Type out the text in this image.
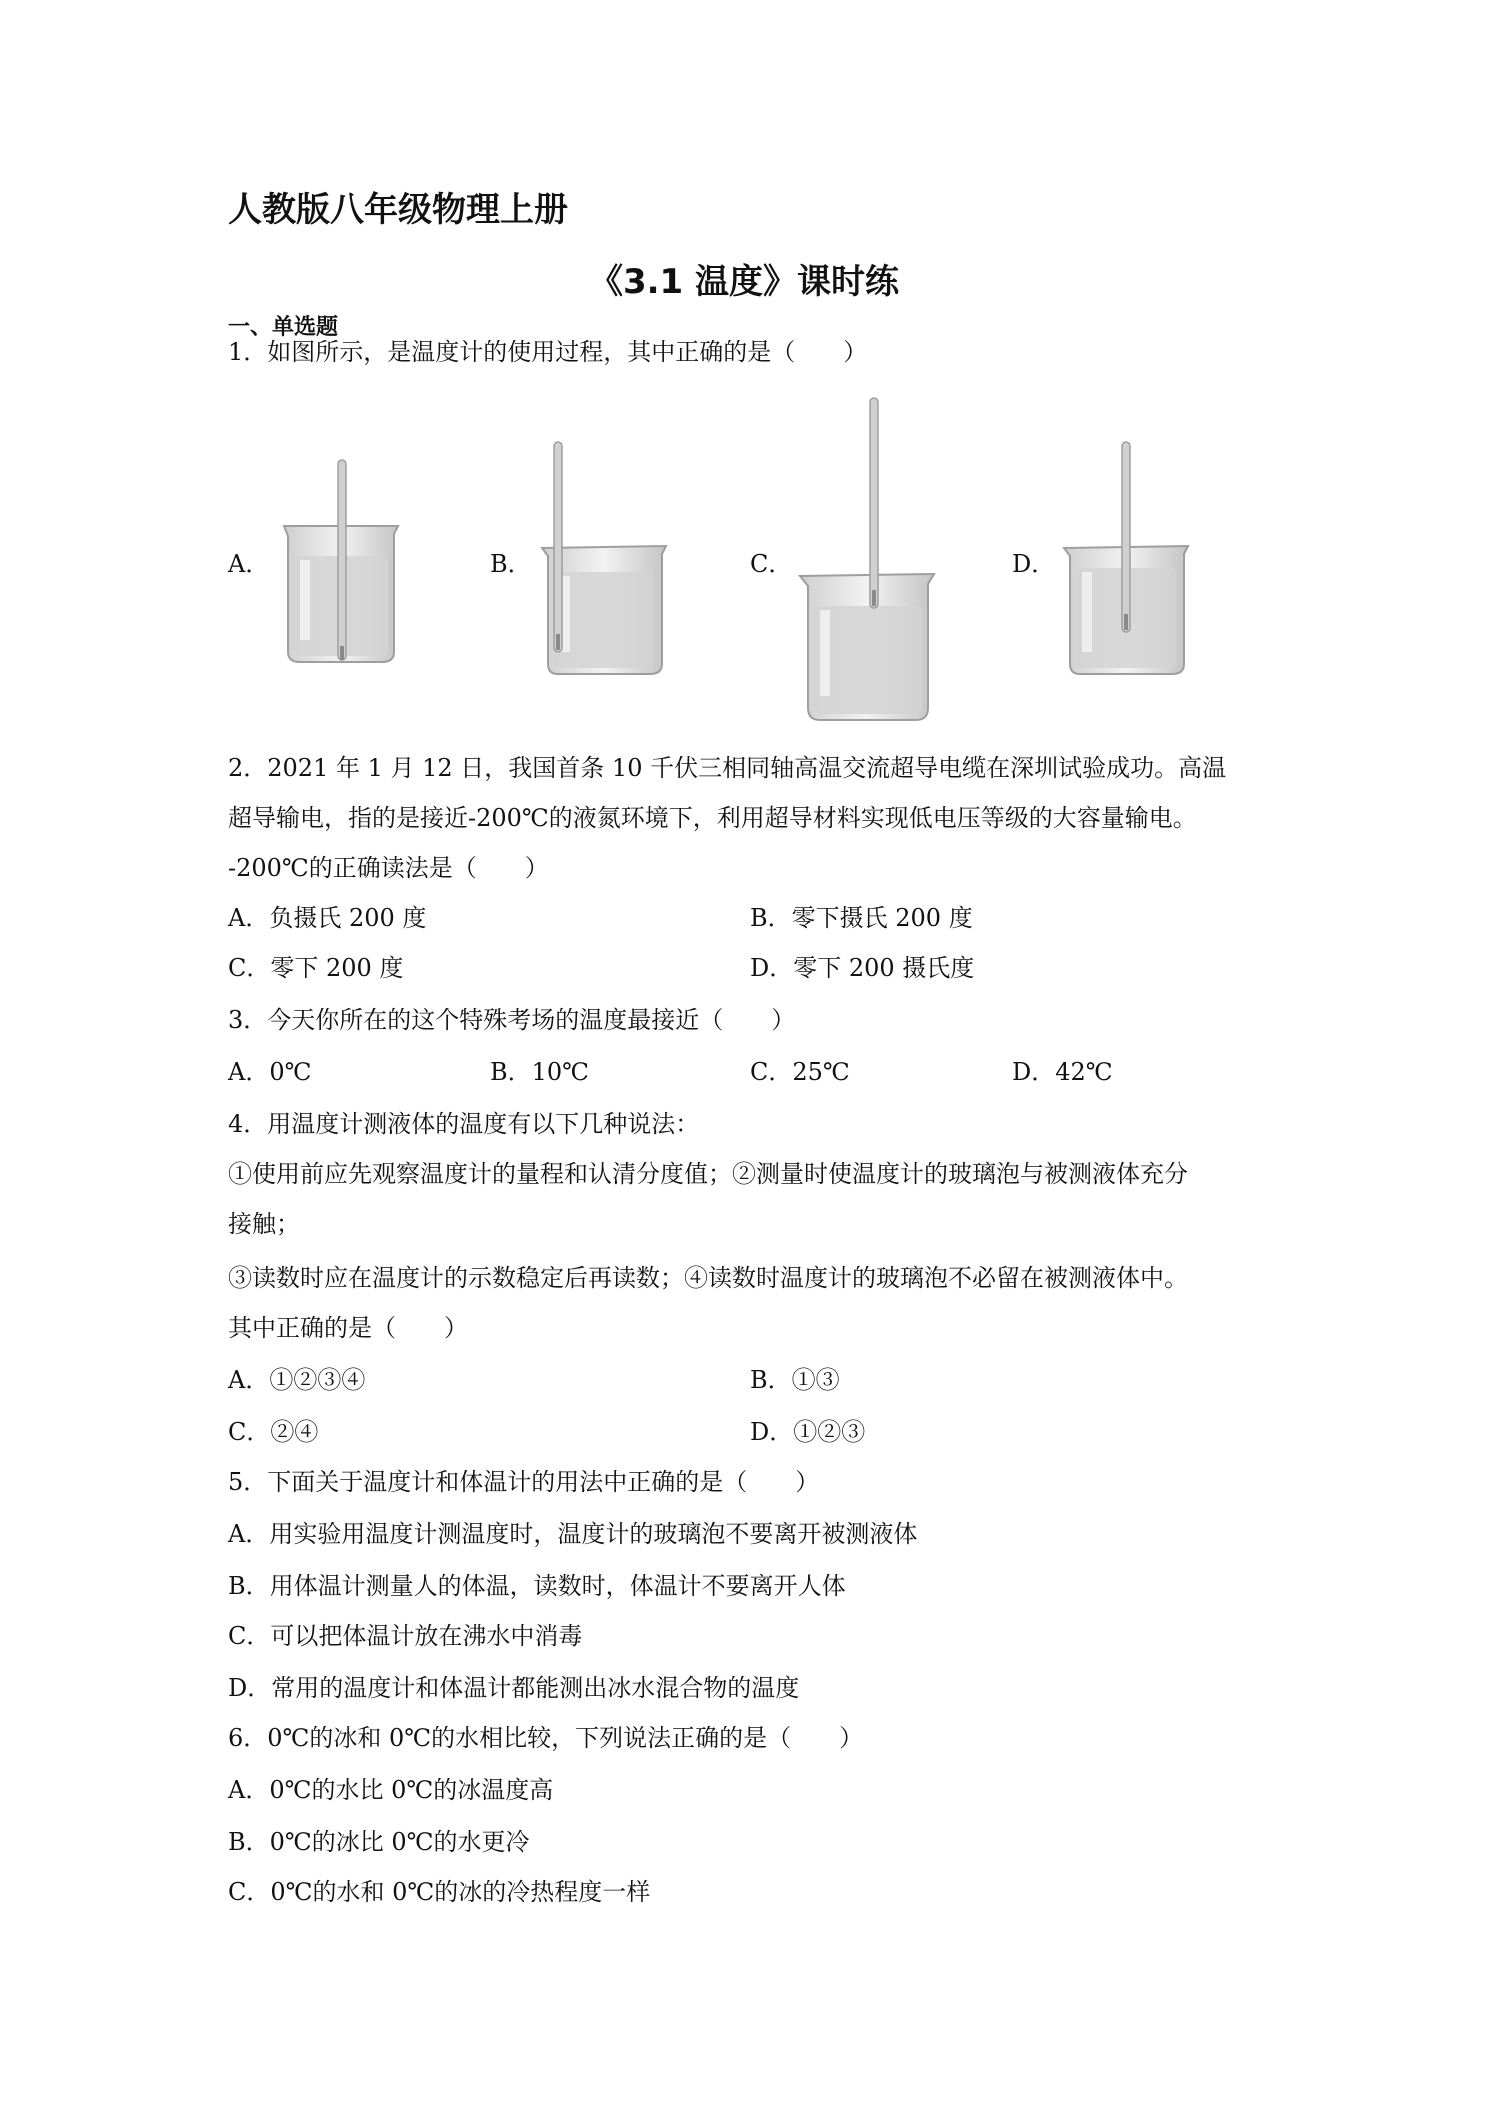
人教版八年级物理上册
《3.1 温度》课时练
一、单选题
1．如图所示，是温度计的使用过程，其中正确的是（　　）
A．	B．	C．	D．
2．2021 年 1 月 12 日，我国首条 10 千伏三相同轴高温交流超导电缆在深圳试验成功。高温
超导输电，指的是接近-200℃的液氮环境下，利用超导材料实现低电压等级的大容量输电。
-200℃的正确读法是（　　）
A．负摄氏 200 度	B．零下摄氏 200 度
C．零下 200 度	D．零下 200 摄氏度
3．今天你所在的这个特殊考场的温度最接近（　　）
A．0℃	B．10℃	C．25℃	D．42℃
4．用温度计测液体的温度有以下几种说法：
①使用前应先观察温度计的量程和认清分度值；②测量时使温度计的玻璃泡与被测液体充分
接触；
③读数时应在温度计的示数稳定后再读数；④读数时温度计的玻璃泡不必留在被测液体中。
其中正确的是（　　）
A．①②③④	B．①③
C．②④	D．①②③
5．下面关于温度计和体温计的用法中正确的是（　　）
A．用实验用温度计测温度时，温度计的玻璃泡不要离开被测液体
B．用体温计测量人的体温，读数时，体温计不要离开人体
C．可以把体温计放在沸水中消毒
D．常用的温度计和体温计都能测出冰水混合物的温度
6．0℃的冰和 0℃的水相比较，下列说法正确的是（　　）
A．0℃的水比 0℃的冰温度高
B．0℃的冰比 0℃的水更冷
C．0℃的水和 0℃的冰的冷热程度一样
